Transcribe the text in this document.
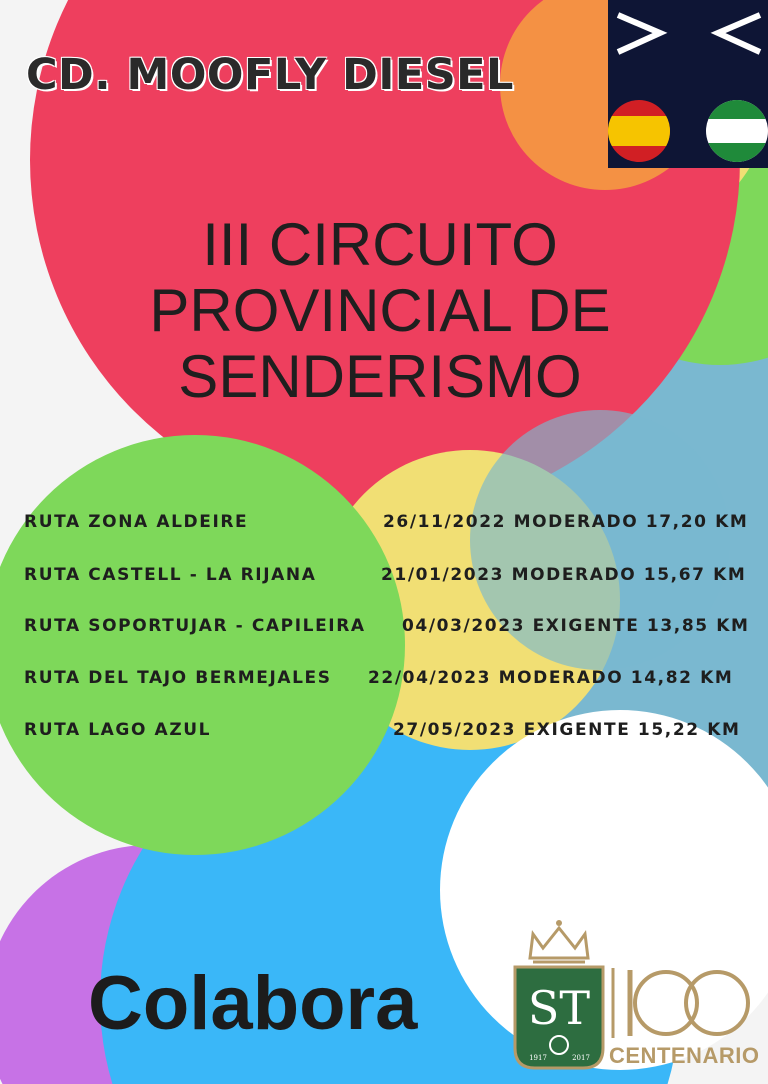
ST
1917	2017
CD. MOOFLY DIESEL
III CIRCUITO
PROVINCIAL DE
SENDERISMO
RUTA ZONA ALDEIRE	26/11/2022 MODERADO 17,20 KM
RUTA CASTELL - LA RIJANA	21/01/2023 MODERADO 15,67 KM
RUTA SOPORTUJAR - CAPILEIRA 04/03/2023 EXIGENTE 13,85 KM
RUTA DEL TAJO BERMEJALES 22/04/2023 MODERADO 14,82 KM
RUTA LAGO AZUL	27/05/2023 EXIGENTE 15,22 KM
Colabora
CENTENARIO
